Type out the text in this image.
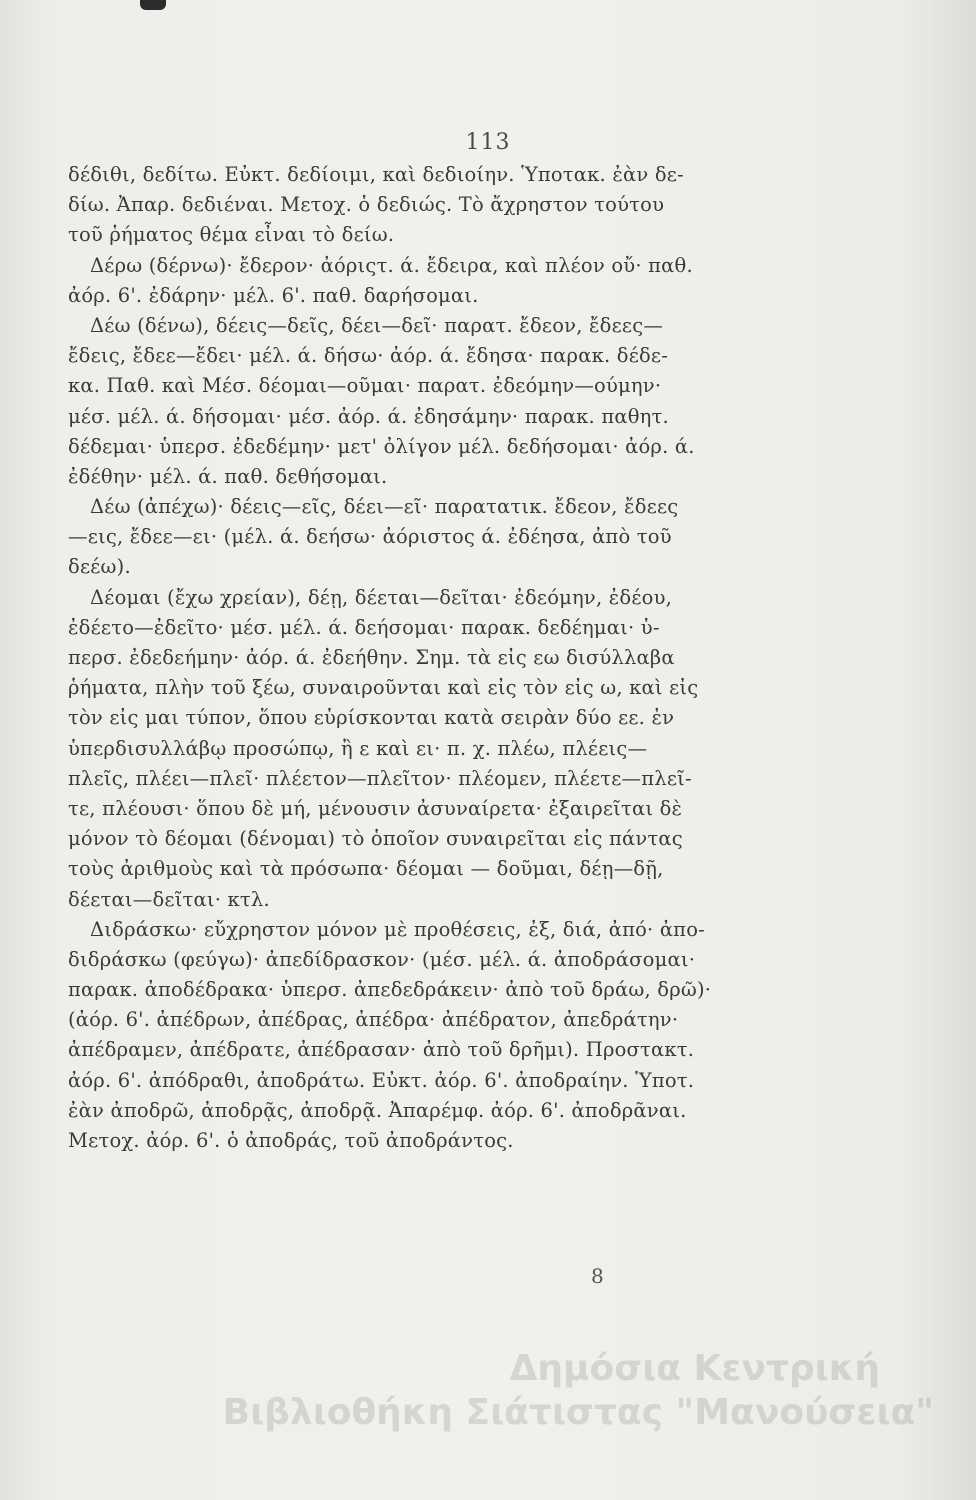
113
δέδιθι, δεδίτω. Εὐκτ. δεδίοιμι, καὶ δεδιοίην. Ὑποτακ. ἐὰν δε-
δίω. Ἀπαρ. δεδιέναι. Μετοχ. ὁ δεδιώς. Τὸ ἄχρηστον τούτου
τοῦ ῥήματος θέμα εἶναι τὸ δείω.
Δέρω (δέρνω)· ἔδερον· ἀόριςτ. ά. ἔδειρα, καὶ πλέον οὔ· παθ.
ἀόρ. 6'. ἐδάρην· μέλ. 6'. παθ. δαρήσομαι.
Δέω (δένω), δέεις—δεῖς, δέει—δεῖ· παρατ. ἔδεον, ἔδεες—
ἔδεις, ἔδεε—ἔδει· μέλ. ά. δήσω· ἀόρ. ά. ἔδησα· παρακ. δέδε-
κα. Παθ. καὶ Μέσ. δέομαι—οῦμαι· παρατ. ἐδεόμην—ούμην·
μέσ. μέλ. ά. δήσομαι· μέσ. ἀόρ. ά. ἐδησάμην· παρακ. παθητ.
δέδεμαι· ὑπερσ. ἐδεδέμην· μετ' ὀλίγον μέλ. δεδήσομαι· ἀόρ. ά.
ἐδέθην· μέλ. ά. παθ. δεθήσομαι.
Δέω (ἀπέχω)· δέεις—εῖς, δέει—εῖ· παρατατικ. ἔδεον, ἔδεες
—εις, ἔδεε—ει· (μέλ. ά. δεήσω· ἀόριστος ά. ἐδέησα, ἀπὸ τοῦ
δεέω).
Δέομαι (ἔχω χρείαν), δέῃ, δέεται—δεῖται· ἐδεόμην, ἐδέου,
ἐδέετο—ἐδεῖτο· μέσ. μέλ. ά. δεήσομαι· παρακ. δεδέημαι· ὑ-
περσ. ἐδεδεήμην· ἀόρ. ά. ἐδεήθην. Σημ. τὰ εἰς εω δισύλλαβα
ῥήματα, πλὴν τοῦ ξέω, συναιροῦνται καὶ εἰς τὸν εἰς ω, καὶ εἰς
τὸν εἰς μαι τύπον, ὅπου εὑρίσκονται κατὰ σειρὰν δύο εε. ἐν
ὑπερδισυλλάβῳ προσώπῳ, ἢ ε καὶ ει· π. χ. πλέω, πλέεις—
πλεῖς, πλέει—πλεῖ· πλέετον—πλεῖτον· πλέομεν, πλέετε—πλεῖ-
τε, πλέουσι· ὅπου δὲ μή, μένουσιν ἀσυναίρετα· ἐξαιρεῖται δὲ
μόνον τὸ δέομαι (δένομαι) τὸ ὁποῖον συναιρεῖται εἰς πάντας
τοὺς ἀριθμοὺς καὶ τὰ πρόσωπα· δέομαι — δοῦμαι, δέῃ—δῇ,
δέεται—δεῖται· κτλ.
Διδράσκω· εὔχρηστον μόνον μὲ προθέσεις, ἐξ, διά, ἀπό· ἀπο-
διδράσκω (φεύγω)· ἀπεδίδρασκον· (μέσ. μέλ. ά. ἀποδράσομαι·
παρακ. ἀποδέδρακα· ὑπερσ. ἀπεδεδράκειν· ἀπὸ τοῦ δράω, δρῶ)·
(ἀόρ. 6'. ἀπέδρων, ἀπέδρας, ἀπέδρα· ἀπέδρατον, ἀπεδράτην·
ἀπέδραμεν, ἀπέδρατε, ἀπέδρασαν· ἀπὸ τοῦ δρῆμι). Προστακτ.
ἀόρ. 6'. ἀπόδραθι, ἀποδράτω. Εὐκτ. ἀόρ. 6'. ἀποδραίην. Ὑποτ.
ἐὰν ἀποδρῶ, ἀποδρᾷς, ἀποδρᾷ. Ἀπαρέμφ. ἀόρ. 6'. ἀποδρᾶναι.
Μετοχ. ἀόρ. 6'. ὁ ἀποδράς, τοῦ ἀποδράντος.
8
Δημόσια Κεντρική
Βιβλιοθήκη Σιάτιστας "Μανούσεια"
